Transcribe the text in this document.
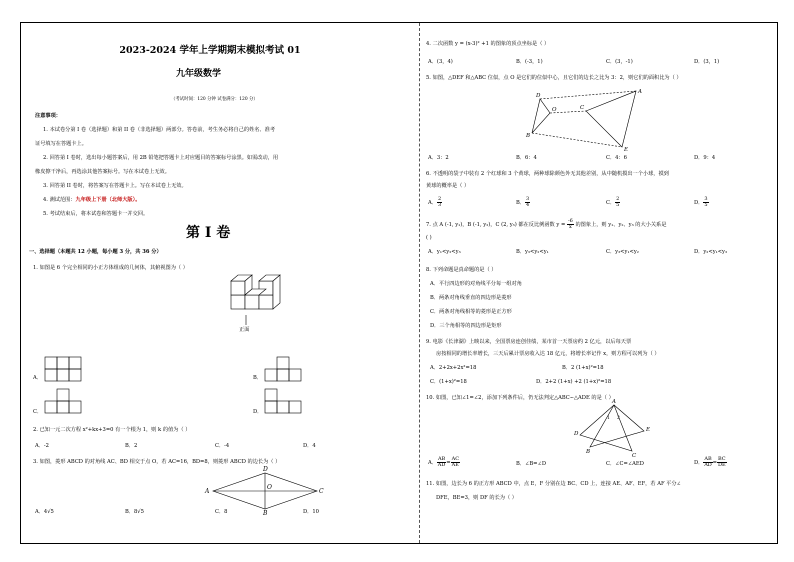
2023-2024 学年上学期期末模拟考试 01
九年级数学
（考试时间：120 分钟 试卷满分：120 分）
注意事项：
1. 本试卷分第 I 卷（选择题）和第 II 卷（非选择题）两部分。答卷前，考生务必将自己的姓名、准考
证号填写在答题卡上。
2. 回答第 I 卷时，选出每小题答案后，用 2B 铅笔把答题卡上对应题目的答案标号涂黑。如需改动，用
橡皮擦干净后，再选涂其他答案标号。写在本试卷上无效。
3. 回答第 II 卷时，将答案写在答题卡上。写在本试卷上无效。
4. 测试范围：九年级上下册（北师大版）。
5. 考试结束后，将本试卷和答题卡一并交回。
第 I 卷
一、选择题（本题共 12 小题，每小题 3 分，共 36 分）
1. 如图是 6 个完全相同的小正方体组成的几何体，其俯视图为（ ）
正面
A．	B．
C．	D．
2. 已知一元二次方程 x²+kx+3=0 有一个根为 1，则 k 的值为（ ）
A．-2	B．2	C．-4	D．4
3. 如图，菱形 ABCD 的对角线 AC、BD 相交于点 O，若 AC=16，BD=8，则菱形 ABCD 的边长为（ ）
A
D
C
B
O
A．4√5	B．8√5	C．8	D．10
4. 二次函数 y = (x-3)² +1 的图象的顶点坐标是（ ）
A．(3，4)	B．(-3，1)	C．(3，-1)	D．(3，1)
5. 如图，△DEF 和△ABC 位似，点 O 是它们的位似中心，且它们的边长之比为 3：2，则它们的面积比为（ ）
D
B
O
A
C
E
A．3：2	B．6：4	C．4：6	D．9：4
6. 不透明的袋子中装有 2 个红球和 3 个黄球，两种球除颜色外无其他差别，从中随机摸出一个小球，摸到
黄球的概率是（ ）
A． $\frac{2}{3}$	B． $\frac{3}{4}$	C． $\frac{2}{5}$	D． $\frac{3}{5}$
7. 点 A (-1, y₁)，B (-1, y₂)，C (2, y₃) 都在反比例函数 $y = \frac{-6}{x}$ 的图象上，则 y₁、y₂、y₃ 的大小关系是
( )
A．y₁<y₂<y₃	B．y₃<y₂<y₁	C．y₃<y₁<y₂	D．y₂<y₁<y₃
8. 下列命题是真命题的是（ ）
A．平行四边形的对角线平分每一组对角
B．两条对角线垂直的四边形是菱形
C．两条对角线相等的菱形是正方形
D．三个角相等的四边形是矩形
9. 电影《长津湖》上映以来，全国票房连创佳绩，某市首一天票房约 2 亿元，以后每天票
房按相同的增长率增长，三天后累计票房收入达 18 亿元，将增长率记作 x，则方程可以列为（ ）
A．2+2x+2x²=18	B．2 (1+x)²=18
C．(1+x)²=18	D．2+2 (1+x) +2 (1+x)²=18
10. 如图，已知∠1=∠2，添加下列条件后，仍无法判定△ABC∽△ADE 的是（ ）
A
D
E
B
C
1 2
A． $\frac{AB}{AD} = \frac{AC}{AE}$	B．∠B=∠D	C．∠C=∠AED	D． $\frac{AB}{AD} = \frac{BC}{DE}$
11. 如图，边长为 6 的正方形 ABCD 中，点 E，F 分别在边 BC、CD 上，连接 AE、AF、EF，若 AF 平分∠
DFE，BE=3，则 DF 的长为（ ）
